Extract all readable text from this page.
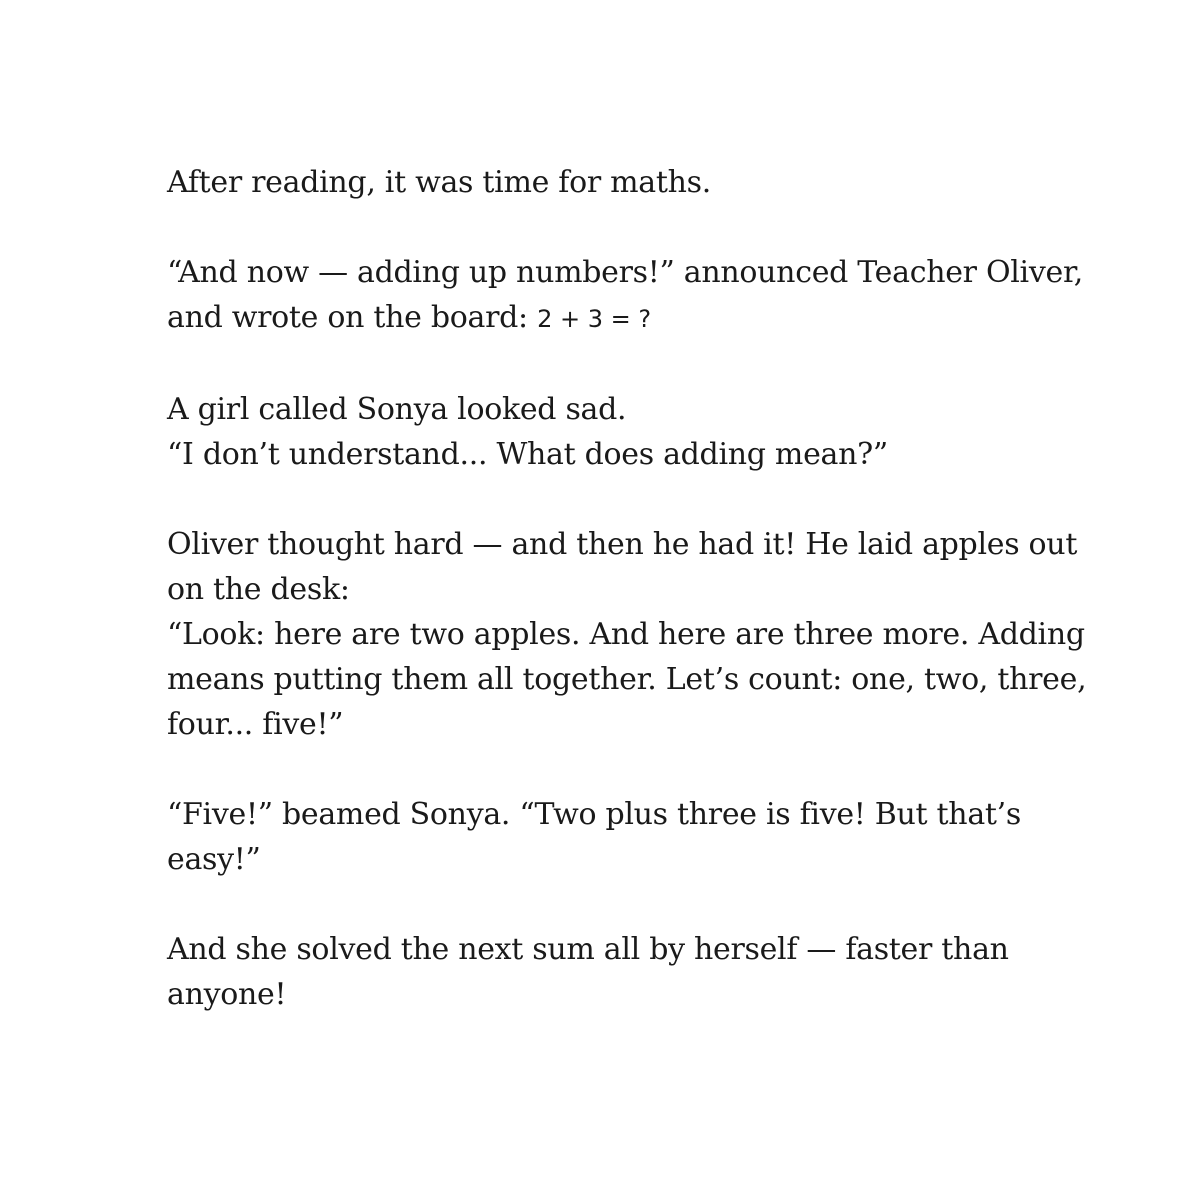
After reading, it was time for maths.

“And now — adding up numbers!” announced Teacher Oliver,
and wrote on the board: 2 + 3 = ?

A girl called Sonya looked sad.
“I don’t understand... What does adding mean?”

Oliver thought hard — and then he had it! He laid apples out
on the desk:
“Look: here are two apples. And here are three more. Adding
means putting them all together. Let’s count: one, two, three,
four... five!”

“Five!” beamed Sonya. “Two plus three is five! But that’s
easy!”

And she solved the next sum all by herself — faster than
anyone!
